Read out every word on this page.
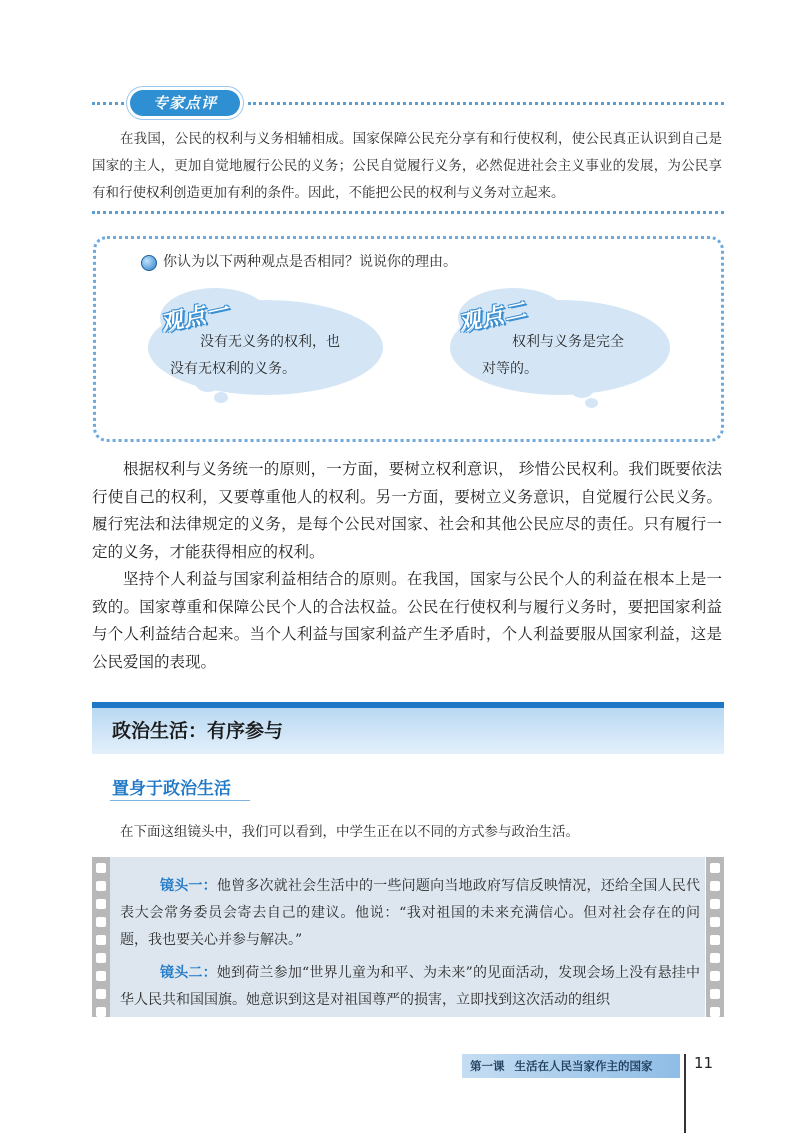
专家点评
在我国，公民的权利与义务相辅相成。国家保障公民充分享有和行使权利，使公民真正认识到自己是国家的主人，更加自觉地履行公民的义务；公民自觉履行义务，必然促进社会主义事业的发展，为公民享有和行使权利创造更加有利的条件。因此，不能把公民的权利与义务对立起来。
你认为以下两种观点是否相同？说说你的理由。
观点一
没有无义务的权利，也
没有无权利的义务。
观点二
权利与义务是完全
对等的。
根据权利与义务统一的原则，一方面，要树立权利意识， 珍惜公民权利。我们既要依法行使自己的权利，又要尊重他人的权利。另一方面，要树立义务意识，自觉履行公民义务。履行宪法和法律规定的义务，是每个公民对国家、社会和其他公民应尽的责任。只有履行一定的义务，才能获得相应的权利。
坚持个人利益与国家利益相结合的原则。在我国，国家与公民个人的利益在根本上是一致的。国家尊重和保障公民个人的合法权益。公民在行使权利与履行义务时，要把国家利益与个人利益结合起来。当个人利益与国家利益产生矛盾时，个人利益要服从国家利益，这是公民爱国的表现。
政治生活：有序参与
置身于政治生活
在下面这组镜头中，我们可以看到，中学生正在以不同的方式参与政治生活。
镜头一：他曾多次就社会生活中的一些问题向当地政府写信反映情况，还给全国人民代表大会常务委员会寄去自己的建议。他说：“我对祖国的未来充满信心。但对社会存在的问题，我也要关心并参与解决。”
镜头二：她到荷兰参加“世界儿童为和平、为未来”的见面活动，发现会场上没有悬挂中华人民共和国国旗。她意识到这是对祖国尊严的损害，立即找到这次活动的组织
第一课 生活在人民当家作主的国家	11
